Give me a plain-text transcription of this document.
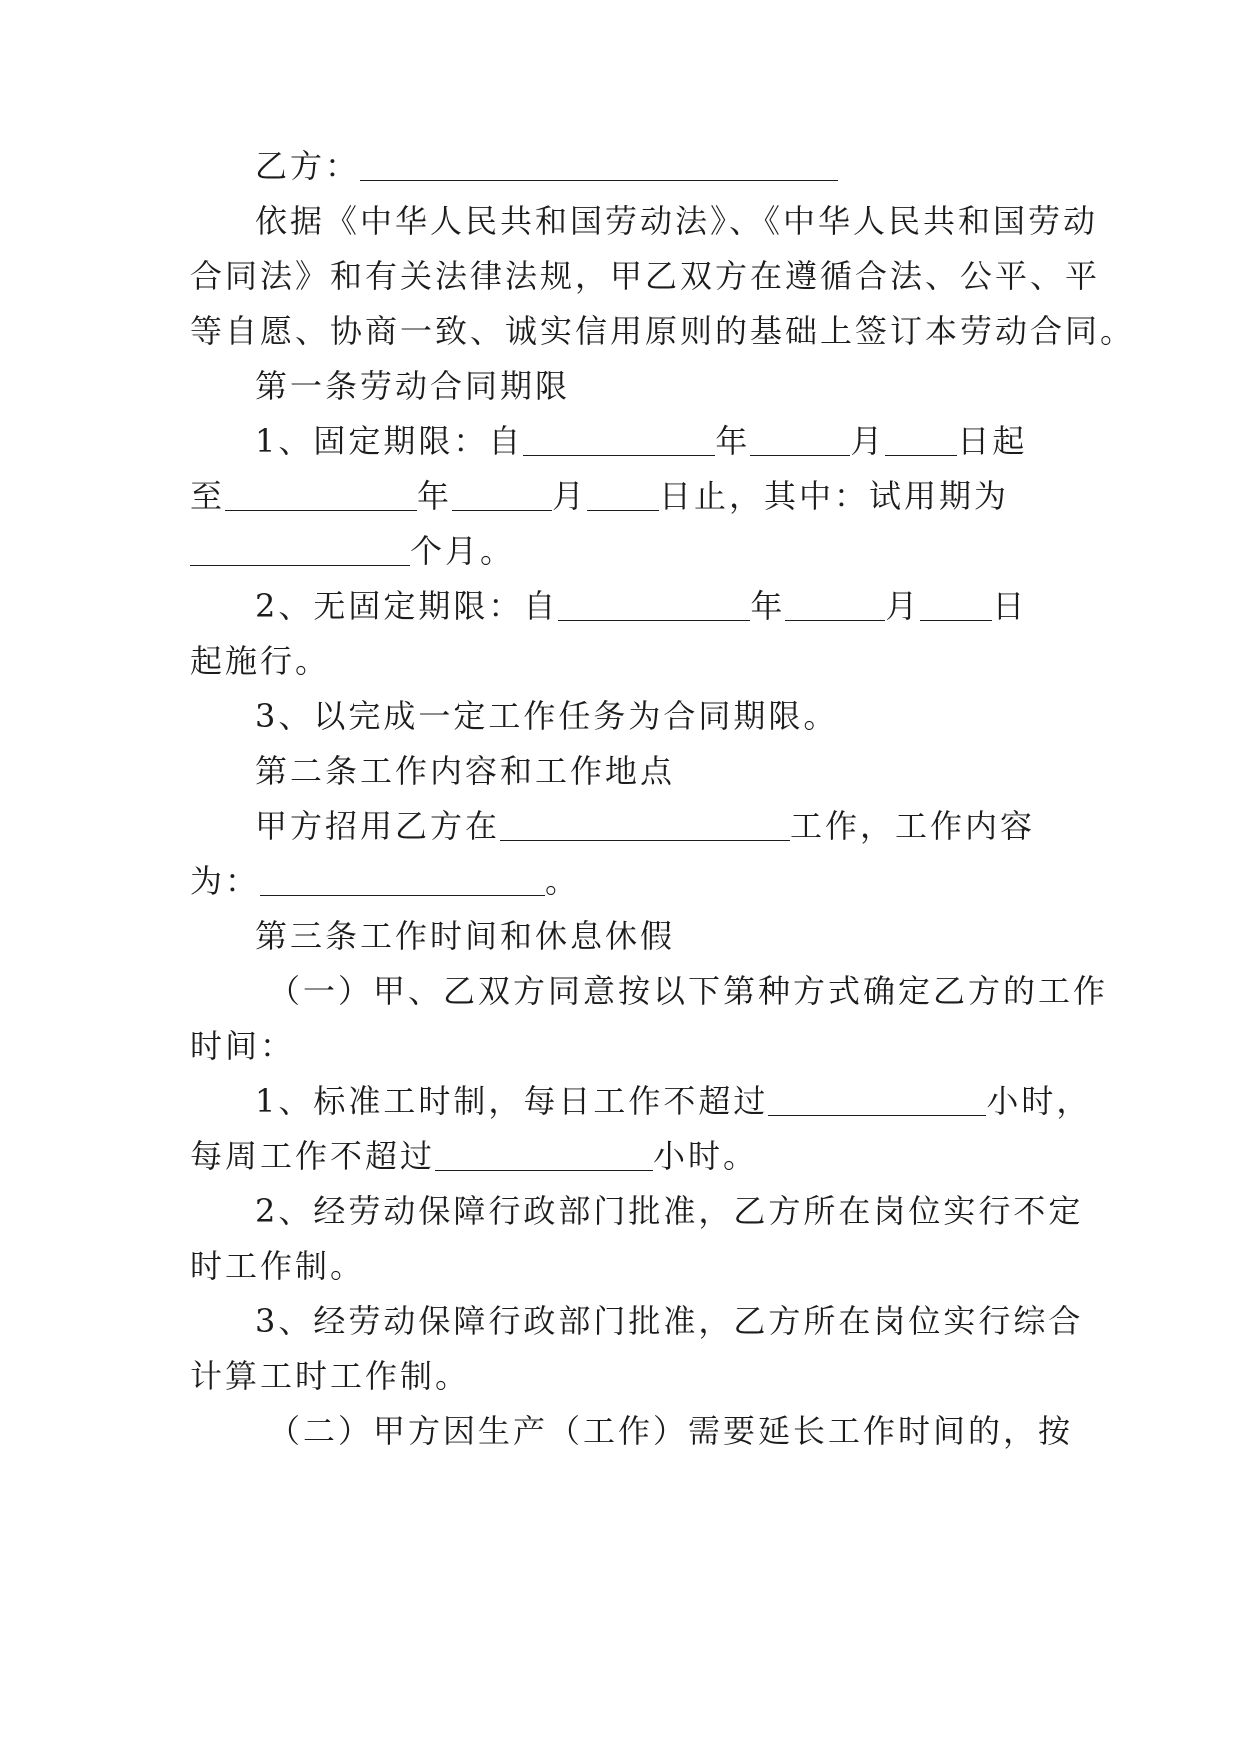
乙方：
依据《中华人民共和国劳动法》、《中华人民共和国劳动
合同法》和有关法律法规，甲乙双方在遵循合法、公平、平
等自愿、协商一致、诚实信用原则的基础上签订本劳动合同。
第一条劳动合同期限
1、固定期限：自	年	月 日起
至	年	月 日止，其中：试用期为
个月。
2、无固定期限：自	年	月 日
起施行。
3、以完成一定工作任务为合同期限。
第二条工作内容和工作地点
甲方招用乙方在	工作，工作内容
为：	。
第三条工作时间和休息休假
（一）甲、乙双方同意按以下第种方式确定乙方的工作
时间：
1、标准工时制，每日工作不超过	小时，
每周工作不超过	小时。
2、经劳动保障行政部门批准，乙方所在岗位实行不定
时工作制。
3、经劳动保障行政部门批准，乙方所在岗位实行综合
计算工时工作制。
（二）甲方因生产（工作）需要延长工作时间的，按
